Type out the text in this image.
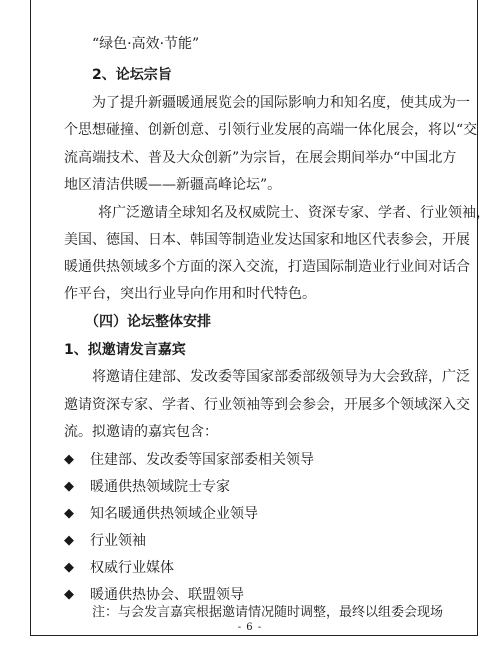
“绿色·高效·节能”
2、论坛宗旨
为了提升新疆暖通展览会的国际影响力和知名度，使其成为一
个思想碰撞、创新创意、引领行业发展的高端一体化展会，将以“交
流高端技术、普及大众创新”为宗旨，在展会期间举办“中国北方
地区清洁供暖——新疆高峰论坛”。
将广泛邀请全球知名及权威院士、资深专家、学者、行业领袖，
美国、德国、日本、韩国等制造业发达国家和地区代表参会，开展
暖通供热领域多个方面的深入交流，打造国际制造业行业间对话合
作平台，突出行业导向作用和时代特色。
（四）论坛整体安排
1、拟邀请发言嘉宾
将邀请住建部、发改委等国家部委部级领导为大会致辞，广泛
邀请资深专家、学者、行业领袖等到会参会，开展多个领域深入交
流。拟邀请的嘉宾包含：
◆ 住建部、发改委等国家部委相关领导
◆ 暖通供热领域院士专家
◆ 知名暖通供热领域企业领导
◆ 行业领袖
◆ 权威行业媒体
◆ 暖通供热协会、联盟领导
注：与会发言嘉宾根据邀请情况随时调整，最终以组委会现场
- 6 -
